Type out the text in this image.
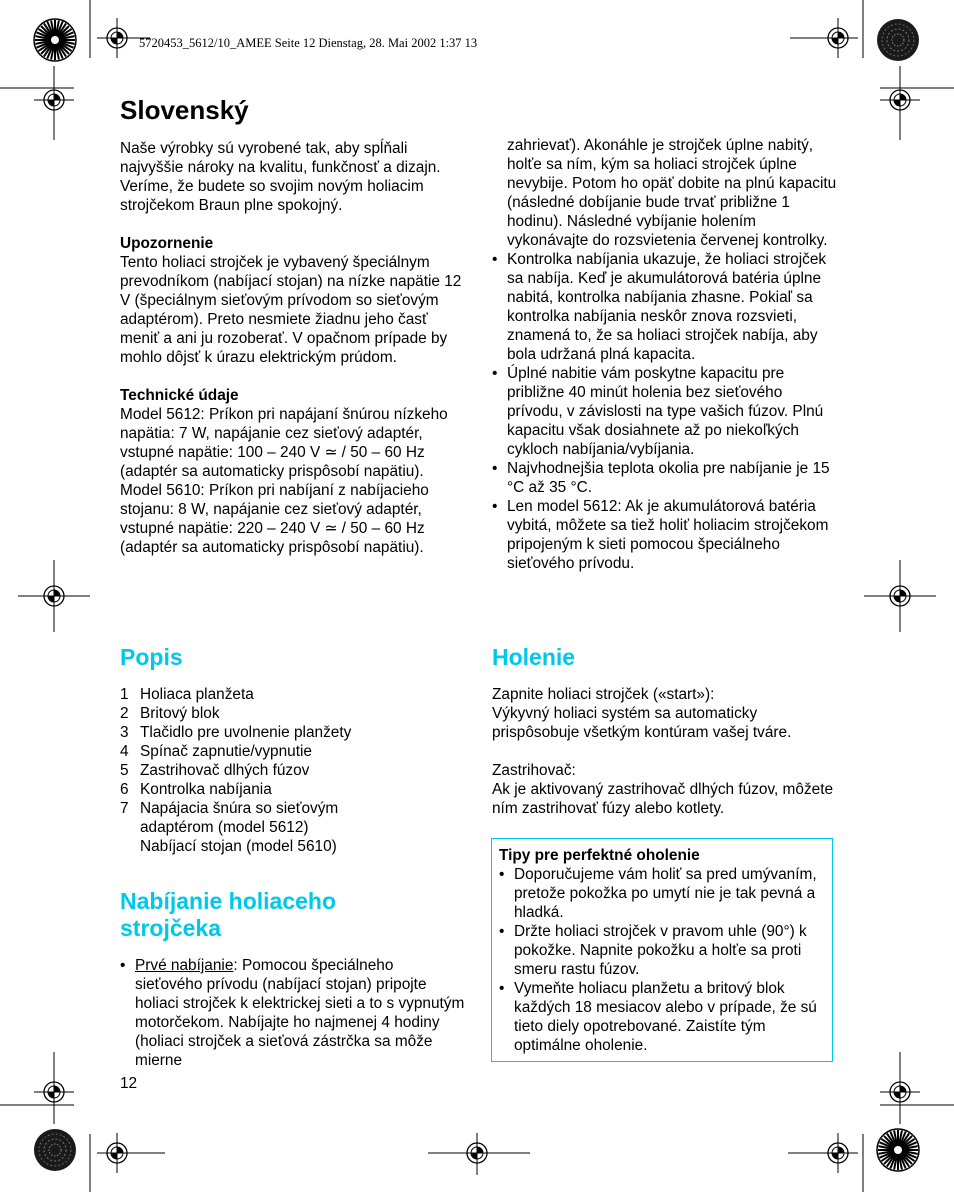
5720453_5612/10_AMEE Seite 12 Dienstag, 28. Mai 2002 1:37 13
Slovenský

Naše výrobky sú vyrobené tak, aby spĺňali najvyššie nároky na kvalitu, funkčnosť a dizajn. Veríme, že budete so svojim novým holiacim strojčekom Braun plne spokojný.

Upozornenie

Tento holiaci strojček je vybavený špeciálnym prevodníkom (nabíjací stojan) na nízke napätie 12 V (špeciálnym sieťovým prívodom so sieťovým adaptérom). Preto nesmiete žiadnu jeho časť meniť a ani ju rozoberať. V opačnom prípade by mohlo dôjsť k úrazu elektrickým prúdom.

Technické údaje

Model 5612: Príkon pri napájaní šnúrou nízkeho napätia: 7 W, napájanie cez sieťový adaptér, vstupné napätie: 100 – 240 V ≃ / 50 – 60 Hz (adaptér sa automaticky prispôsobí napätiu).

Model 5610: Príkon pri nabíjaní z nabíjacieho stojanu: 8 W, napájanie cez sieťový adaptér, vstupné napätie: 220 – 240 V ≃ / 50 – 60 Hz (adaptér sa automaticky prispôsobí napätiu).

zahrievať). Akonáhle je strojček úplne nabitý, holťe sa ním, kým sa holiaci strojček úplne nevybije. Potom ho opäť dobite na plnú kapacitu (následné dobíjanie bude trvať približne 1 hodinu). Následné vybíjanie holením vykonávajte do rozsvietenia červenej kontrolky.

• Kontrolka nabíjania ukazuje, že holiaci strojček sa nabíja. Keď je akumulátorová batéria úplne nabitá, kontrolka nabíjania zhasne. Pokiaľ sa kontrolka nabíjania neskôr znova rozsvieti, znamená to, že sa holiaci strojček nabíja, aby bola udržaná plná kapacita.
• Úplné nabitie vám poskytne kapacitu pre približne 40 minút holenia bez sieťového prívodu, v závislosti na type vašich fúzov. Plnú kapacitu však dosiahnete až po niekoľkých cykloch nabíjania/vybíjania.
• Najvhodnejšia teplota okolia pre nabíjanie je 15 °C až 35 °C.
• Len model 5612: Ak je akumulátorová batéria vybitá, môžete sa tiež holiť holiacim strojčekom pripojeným k sieti pomocou špeciálneho sieťového prívodu.
Popis
1 Holiaca planžeta
2 Britový blok
3 Tlačidlo pre uvolnenie planžety
4 Spínač zapnutie/vypnutie
5 Zastrihovač dlhých fúzov
6 Kontrolka nabíjania
7 Napájacia šnúra so sieťovým adaptérom (model 5612)
Nabíjací stojan (model 5610)
Nabíjanie holiaceho strojčeka
• Prvé nabíjanie: Pomocou špeciálneho sieťového prívodu (nabíjací stojan) pripojte holiaci strojček k elektrickej sieti a to s vypnutým motorčekom. Nabíjajte ho najmenej 4 hodiny (holiaci strojček a sieťová zástrčka sa môže mierne
Holenie

Zapnite holiaci strojček («start»):

Výkyvný holiaci systém sa automaticky prispôsobuje všetkým kontúram vašej tváre.

Zastrihovač:

Ak je aktivovaný zastrihovač dlhých fúzov, môžete ním zastrihovať fúzy alebo kotlety.

Tipy pre perfektné oholenie

• Doporučujeme vám holiť sa pred umývaním, pretože pokožka po umytí nie je tak pevná a hladká.
• Držte holiaci strojček v pravom uhle (90°) k pokožke. Napnite pokožku a holťe sa proti smeru rastu fúzov.
• Vymeňte holiacu planžetu a britový blok každých 18 mesiacov alebo v prípade, že sú tieto diely opotrebované. Zaistíte tým optimálne oholenie.
12
